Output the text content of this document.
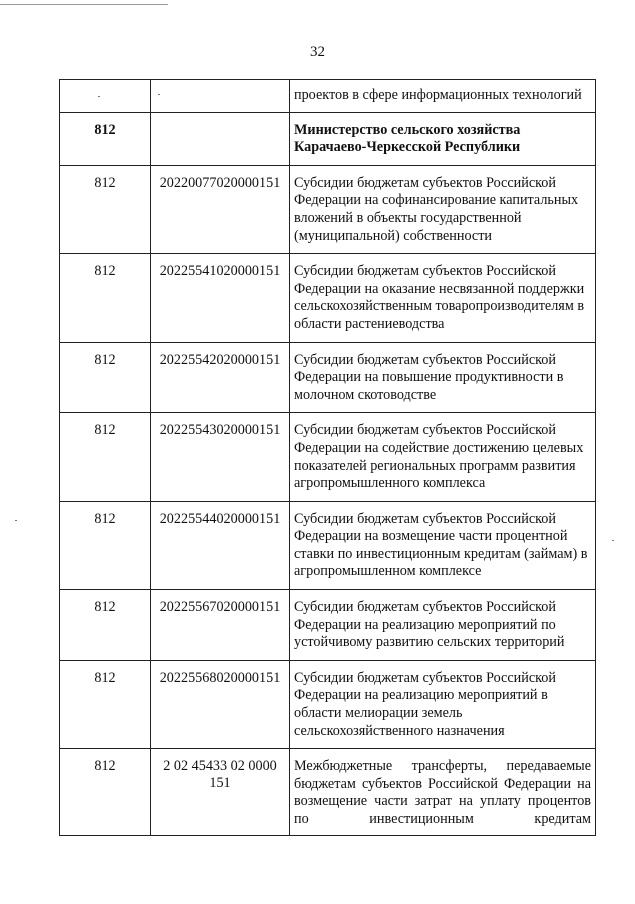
32
		проектов в сфере информационных технологий
812		Министерство сельского хозяйства Карачаево-Черкесской Республики
812	20220077020000151	Субсидии бюджетам субъектов Российской Федерации на софинансирование капитальных вложений в объекты государственной (муниципальной) собственности
812	20225541020000151	Субсидии бюджетам субъектов Российской Федерации на оказание несвязанной поддержки сельскохозяйственным товаропроизводителям в области растениеводства
812	20225542020000151	Субсидии бюджетам субъектов Российской Федерации на повышение продуктивности в молочном скотоводстве
812	20225543020000151	Субсидии бюджетам субъектов Российской Федерации на содействие достижению целевых показателей региональных программ развития агропромышленного комплекса
812	20225544020000151	Субсидии бюджетам субъектов Российской Федерации на возмещение части процентной ставки по инвестиционным кредитам (займам) в агропромышленном комплексе
812	20225567020000151	Субсидии бюджетам субъектов Российской Федерации на реализацию мероприятий по устойчивому развитию сельских территорий
812	20225568020000151	Субсидии бюджетам субъектов Российской Федерации на реализацию мероприятий в области мелиорации земель сельскохозяйственного назначения
812	2 02 45433 02 0000 151	Межбюджетные трансферты, передаваемые бюджетам субъектов Российской Федерации на возмещение части затрат на уплату процентов по инвестиционным кредитам
